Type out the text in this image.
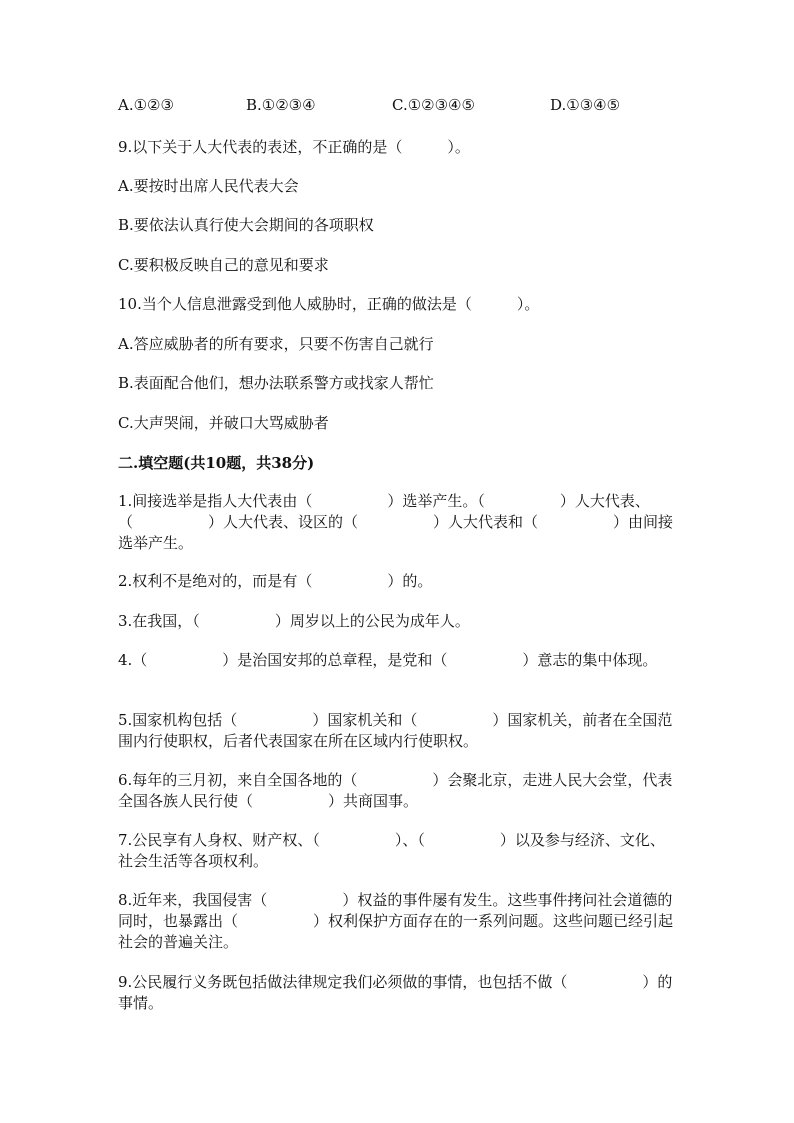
A.①②③	B.①②③④	C.①②③④⑤	D.①③④⑤
9.以下关于人大代表的表述，不正确的是（　　　）。
A.要按时出席人民代表大会
B.要依法认真行使大会期间的各项职权
C.要积极反映自己的意见和要求
10.当个人信息泄露受到他人威胁时，正确的做法是（　　　）。
A.答应威胁者的所有要求，只要不伤害自己就行
B.表面配合他们，想办法联系警方或找家人帮忙
C.大声哭闹，并破口大骂威胁者
二.填空题(共10题，共38分)
1.间接选举是指人大代表由（　　　　　）选举产生。（　　　　　）人大代表、（　　　　　）人大代表、设区的（　　　　　）人大代表和（　　　　　）由间接选举产生。
2.权利不是绝对的，而是有（　　　　　）的。
3.在我国，（　　　　　）周岁以上的公民为成年人。
4.（　　　　　）是治国安邦的总章程，是党和（　　　　　）意志的集中体现。
5.国家机构包括（　　　　　）国家机关和（　　　　　）国家机关，前者在全国范围内行使职权，后者代表国家在所在区域内行使职权。
6.每年的三月初，来自全国各地的（　　　　　）会聚北京，走进人民大会堂，代表全国各族人民行使（　　　　　）共商国事。
7.公民享有人身权、财产权、（　　　　　）、（　　　　　）以及参与经济、文化、社会生活等各项权利。
8.近年来，我国侵害（　　　　　）权益的事件屡有发生。这些事件拷问社会道德的同时，也暴露出（　　　　　）权利保护方面存在的一系列问题。这些问题已经引起社会的普遍关注。
9.公民履行义务既包括做法律规定我们必须做的事情，也包括不做（　　　　　）的事情。
